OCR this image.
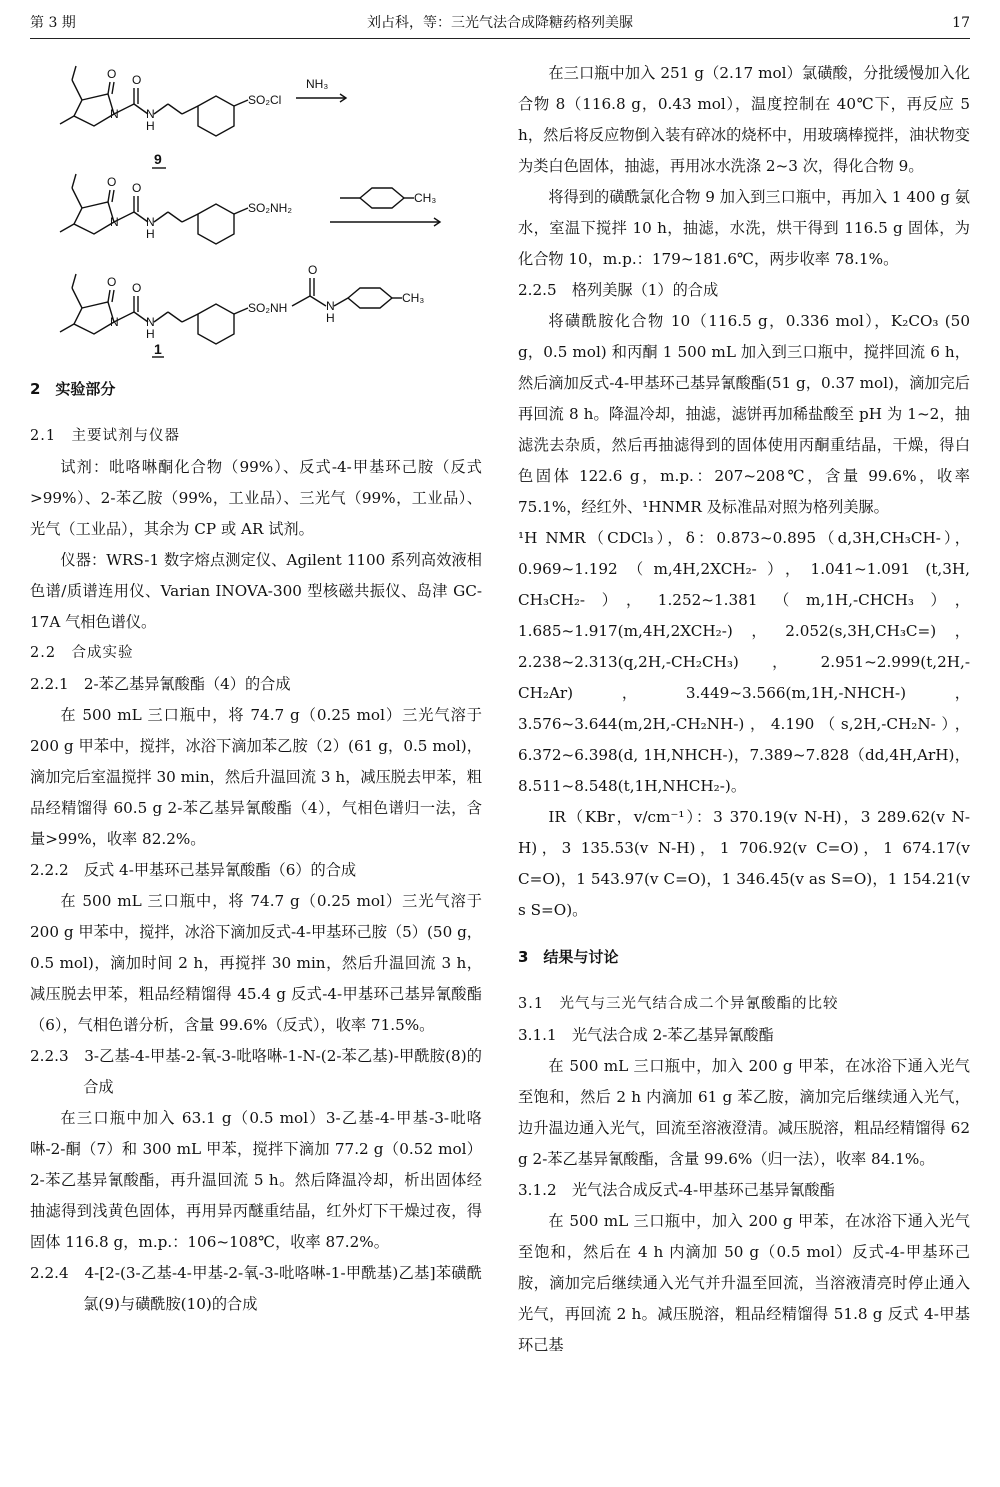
第 3 期	刘占科，等：三光气法合成降糖药格列美脲	17
O O
N N
H
SO₂Cl
9
NH₃
O O
N N
H
SO₂NH₂
CH₃
O O
O
N N
H
N
H
SO₂NH
CH₃
1

2　实验部分

2.1　主要试剂与仪器

试剂：吡咯啉酮化合物（99%）、反式-4-甲基环己胺（反式>99%）、2-苯乙胺（99%，工业品）、三光气（99%，工业品）、光气（工业品），其余为 CP 或 AR 试剂。

仪器：WRS-1 数字熔点测定仪、Agilent 1100 系列高效液相色谱/质谱连用仪、Varian INOVA-300 型核磁共振仪、岛津 GC-17A 气相色谱仪。

2.2　合成实验

2.2.1　2-苯乙基异氰酸酯（4）的合成

在 500 mL 三口瓶中，将 74.7 g（0.25 mol）三光气溶于 200 g 甲苯中，搅拌，冰浴下滴加苯乙胺（2）(61 g，0.5 mol)，滴加完后室温搅拌 30 min，然后升温回流 3 h，减压脱去甲苯，粗品经精馏得 60.5 g 2-苯乙基异氰酸酯（4），气相色谱归一法，含量>99%，收率 82.2%。

2.2.2　反式 4-甲基环己基异氰酸酯（6）的合成

在 500 mL 三口瓶中，将 74.7 g（0.25 mol）三光气溶于 200 g 甲苯中，搅拌，冰浴下滴加反式-4-甲基环己胺（5）(50 g，0.5 mol)，滴加时间 2 h，再搅拌 30 min，然后升温回流 3 h，减压脱去甲苯，粗品经精馏得 45.4 g 反式-4-甲基环己基异氰酸酯（6），气相色谱分析，含量 99.6%（反式），收率 71.5%。

2.2.3　3-乙基-4-甲基-2-氧-3-吡咯啉-1-N-(2-苯乙基)-甲酰胺(8)的合成

在三口瓶中加入 63.1 g（0.5 mol）3-乙基-4-甲基-3-吡咯啉-2-酮（7）和 300 mL 甲苯，搅拌下滴加 77.2 g（0.52 mol）2-苯乙基异氰酸酯，再升温回流 5 h。然后降温冷却，析出固体经抽滤得到浅黄色固体，再用异丙醚重结晶，红外灯下干燥过夜，得固体 116.8 g，m.p.：106~108℃，收率 87.2%。

2.2.4　4-[2-(3-乙基-4-甲基-2-氧-3-吡咯啉-1-甲酰基)乙基]苯磺酰氯(9)与磺酰胺(10)的合成

在三口瓶中加入 251 g（2.17 mol）氯磺酸，分批缓慢加入化合物 8（116.8 g，0.43 mol），温度控制在 40℃下，再反应 5 h，然后将反应物倒入装有碎冰的烧杯中，用玻璃棒搅拌，油状物变为类白色固体，抽滤，再用冰水洗涤 2~3 次，得化合物 9。

将得到的磺酰氯化合物 9 加入到三口瓶中，再加入 1 400 g 氨水，室温下搅拌 10 h，抽滤，水洗，烘干得到 116.5 g 固体，为化合物 10，m.p.：179~181.6℃，两步收率 78.1%。

2.2.5　格列美脲（1）的合成

将磺酰胺化合物 10（116.5 g，0.336 mol），K₂CO₃ (50 g，0.5 mol) 和丙酮 1 500 mL 加入到三口瓶中，搅拌回流 6 h，然后滴加反式-4-甲基环己基异氰酸酯(51 g，0.37 mol)，滴加完后再回流 8 h。降温冷却，抽滤，滤饼再加稀盐酸至 pH 为 1~2，抽滤洗去杂质，然后再抽滤得到的固体使用丙酮重结晶，干燥，得白色固体 122.6 g，m.p.：207~208℃，含量 99.6%，收率 75.1%，经红外、¹HNMR 及标准品对照为格列美脲。

¹H NMR（CDCl₃），δ：0.873~0.895（d,3H,CH₃CH-），0.969~1.192（m,4H,2XCH₂-），1.041~1.091 (t,3H, CH₃CH₂-），1.252~1.381（m,1H,-CHCH₃），1.685~1.917(m,4H,2XCH₂-)，2.052(s,3H,CH₃C=)，2.238~2.313(q,2H,-CH₂CH₃)，2.951~2.999(t,2H,-CH₂Ar)，3.449~3.566(m,1H,-NHCH-)，3.576~3.644(m,2H,-CH₂NH-)，4.190（s,2H,-CH₂N-），6.372~6.398(d, 1H,NHCH-)，7.389~7.828（dd,4H,ArH)，8.511~8.548(t,1H,NHCH₂-)。

IR（KBr，v/cm⁻¹）：3 370.19(v N-H)，3 289.62(v N-H)，3 135.53(v N-H)，1 706.92(v C=O)，1 674.17(v C=O)，1 543.97(v C=O)，1 346.45(v as S=O)，1 154.21(v s S=O)。

3　结果与讨论

3.1　光气与三光气结合成二个异氰酸酯的比较

3.1.1　光气法合成 2-苯乙基异氰酸酯

在 500 mL 三口瓶中，加入 200 g 甲苯，在冰浴下通入光气至饱和，然后 2 h 内滴加 61 g 苯乙胺，滴加完后继续通入光气，边升温边通入光气，回流至溶液澄清。减压脱溶，粗品经精馏得 62 g 2-苯乙基异氰酸酯，含量 99.6%（归一法），收率 84.1%。

3.1.2　光气法合成反式-4-甲基环己基异氰酸酯

在 500 mL 三口瓶中，加入 200 g 甲苯，在冰浴下通入光气至饱和，然后在 4 h 内滴加 50 g（0.5 mol）反式-4-甲基环己胺，滴加完后继续通入光气并升温至回流，当溶液清亮时停止通入光气，再回流 2 h。减压脱溶，粗品经精馏得 51.8 g 反式 4-甲基环己基
